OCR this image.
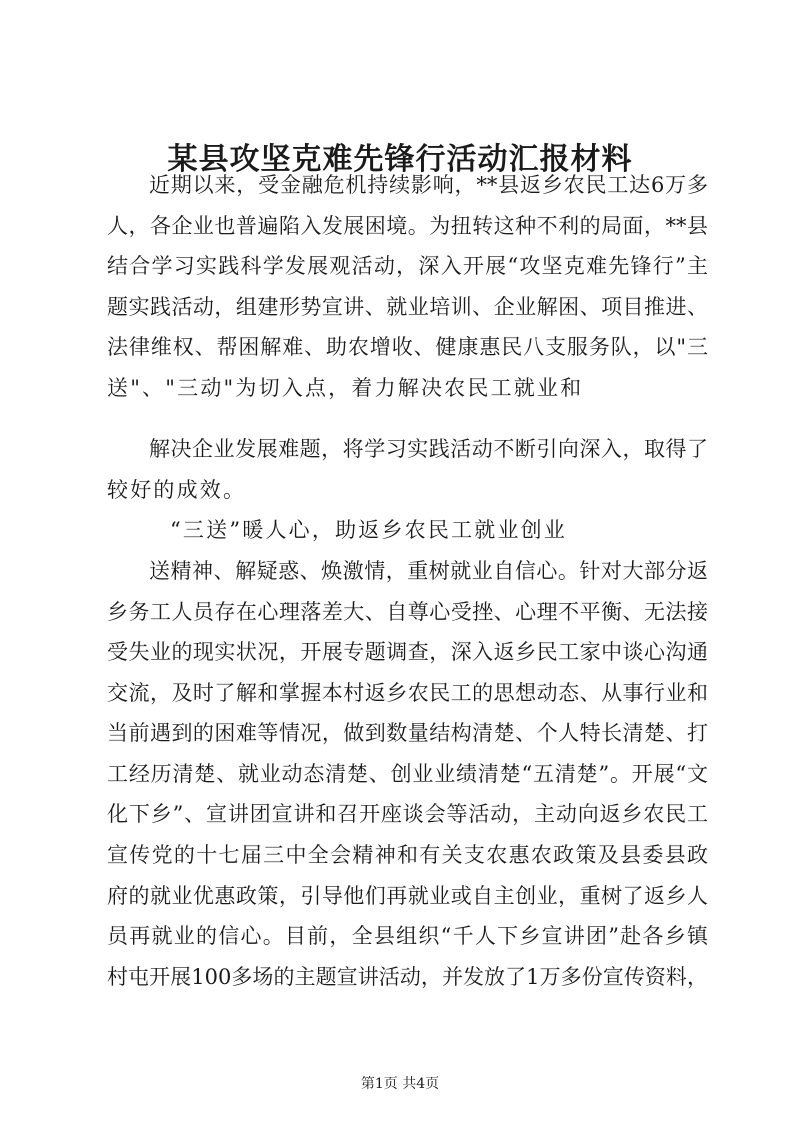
某县攻坚克难先锋行活动汇报材料
近期以来，受金融危机持续影响，**县返乡农民工达6万多
人，各企业也普遍陷入发展困境。为扭转这种不利的局面，**县
结合学习实践科学发展观活动，深入开展“攻坚克难先锋行”主
题实践活动，组建形势宣讲、就业培训、企业解困、项目推进、
法律维权、帮困解难、助农增收、健康惠民八支服务队，以"三
送"、"三动"为切入点，着力解决农民工就业和
解决企业发展难题，将学习实践活动不断引向深入，取得了
较好的成效。
“三送”暖人心，助返乡农民工就业创业
送精神、解疑惑、焕激情，重树就业自信心。针对大部分返
乡务工人员存在心理落差大、自尊心受挫、心理不平衡、无法接
受失业的现实状况，开展专题调查，深入返乡民工家中谈心沟通
交流，及时了解和掌握本村返乡农民工的思想动态、从事行业和
当前遇到的困难等情况，做到数量结构清楚、个人特长清楚、打
工经历清楚、就业动态清楚、创业业绩清楚“五清楚”。开展“文
化下乡”、宣讲团宣讲和召开座谈会等活动，主动向返乡农民工
宣传党的十七届三中全会精神和有关支农惠农政策及县委县政
府的就业优惠政策，引导他们再就业或自主创业，重树了返乡人
员再就业的信心。目前，全县组织“千人下乡宣讲团”赴各乡镇
村屯开展100多场的主题宣讲活动，并发放了1万多份宣传资料，
第1页 共4页
